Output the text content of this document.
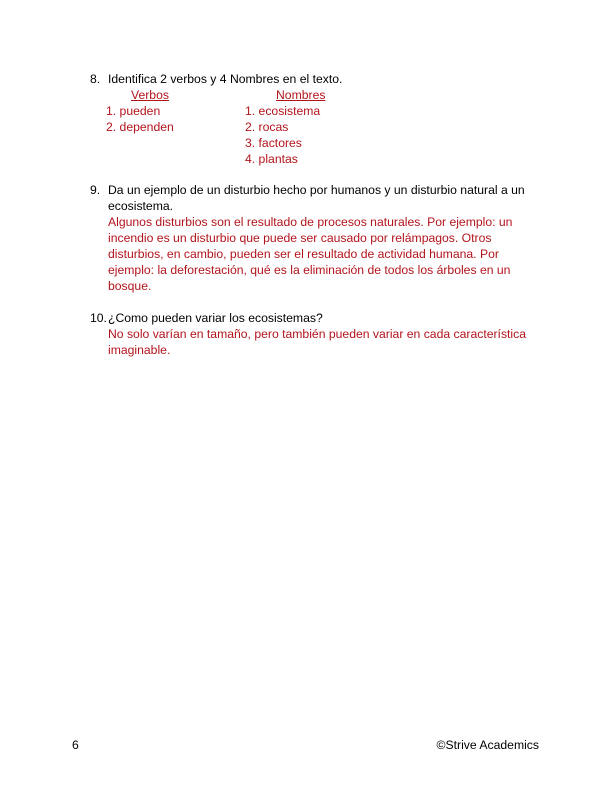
8. Identifica 2 verbos y 4 Nombres en el texto.
Verbos	Nombres
1. pueden
2. dependen
1. ecosistema
2. rocas
3. factores
4. plantas
9. Da un ejemplo de un disturbio hecho por humanos y un disturbio natural a un
ecosistema.
Algunos disturbios son el resultado de procesos naturales. Por ejemplo: un
incendio es un disturbio que puede ser causado por relámpagos. Otros
disturbios, en cambio, pueden ser el resultado de actividad humana. Por
ejemplo: la deforestación, qué es la eliminación de todos los árboles en un
bosque.
10. ¿Como pueden variar los ecosistemas?
No solo varían en tamaño, pero también pueden variar en cada característica
imaginable.
6	©Strive Academics
